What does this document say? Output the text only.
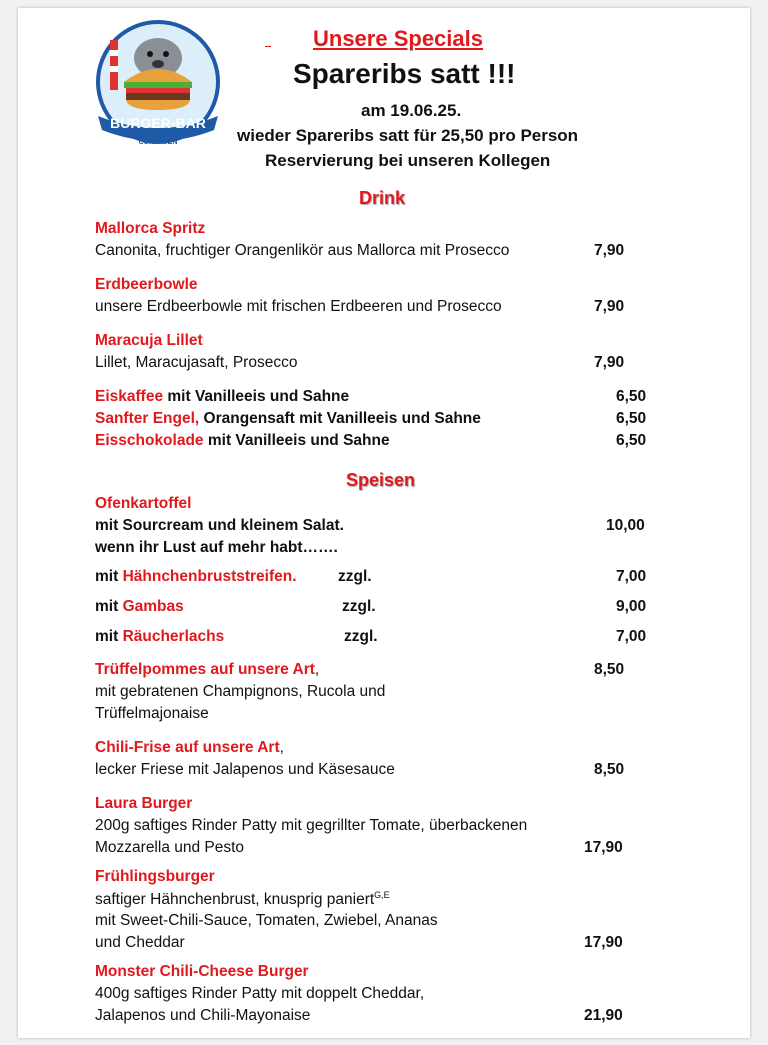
BURGER-BAR
CUXHAVEN
Unsere Specials
Spareribs satt !!!
am 19.06.25.
wieder Spareribs satt für 25,50 pro Person
Reservierung bei unseren Kollegen
Drink
Mallorca Spritz
Canonita, fruchtiger Orangenlikör aus Mallorca mit Prosecco	7,90
Erdbeerbowle
unsere Erdbeerbowle mit frischen Erdbeeren und Prosecco	7,90
Maracuja Lillet
Lillet, Maracujasaft, Prosecco	7,90
Eiskaffee mit Vanilleeis und Sahne	6,50
Sanfter Engel, Orangensaft mit Vanilleeis und Sahne	6,50
Eisschokolade mit Vanilleeis und Sahne	6,50
Speisen
Ofenkartoffel
mit Sourcream und kleinem Salat.	10,00
wenn ihr Lust auf mehr habt…….
mit Hähnchenbruststreifen.	zzgl.	7,00
mit Gambas	zzgl.	9,00
mit Räucherlachs	zzgl.	7,00
Trüffelpommes auf unsere Art,	8,50
mit gebratenen Champignons, Rucola und
Trüffelmajonaise
Chili-Frise auf unsere Art,
lecker Friese mit Jalapenos und Käsesauce	8,50
Laura Burger
200g saftiges Rinder Patty mit gegrillter Tomate, überbackenen
Mozzarella und Pesto	17,90
Frühlingsburger
saftiger Hähnchenbrust, knusprig paniert$^{G,E}$
mit Sweet-Chili-Sauce, Tomaten, Zwiebel, Ananas
und Cheddar	17,90
Monster Chili-Cheese Burger
400g saftiges Rinder Patty mit doppelt Cheddar,
Jalapenos und Chili-Mayonaise	21,90
